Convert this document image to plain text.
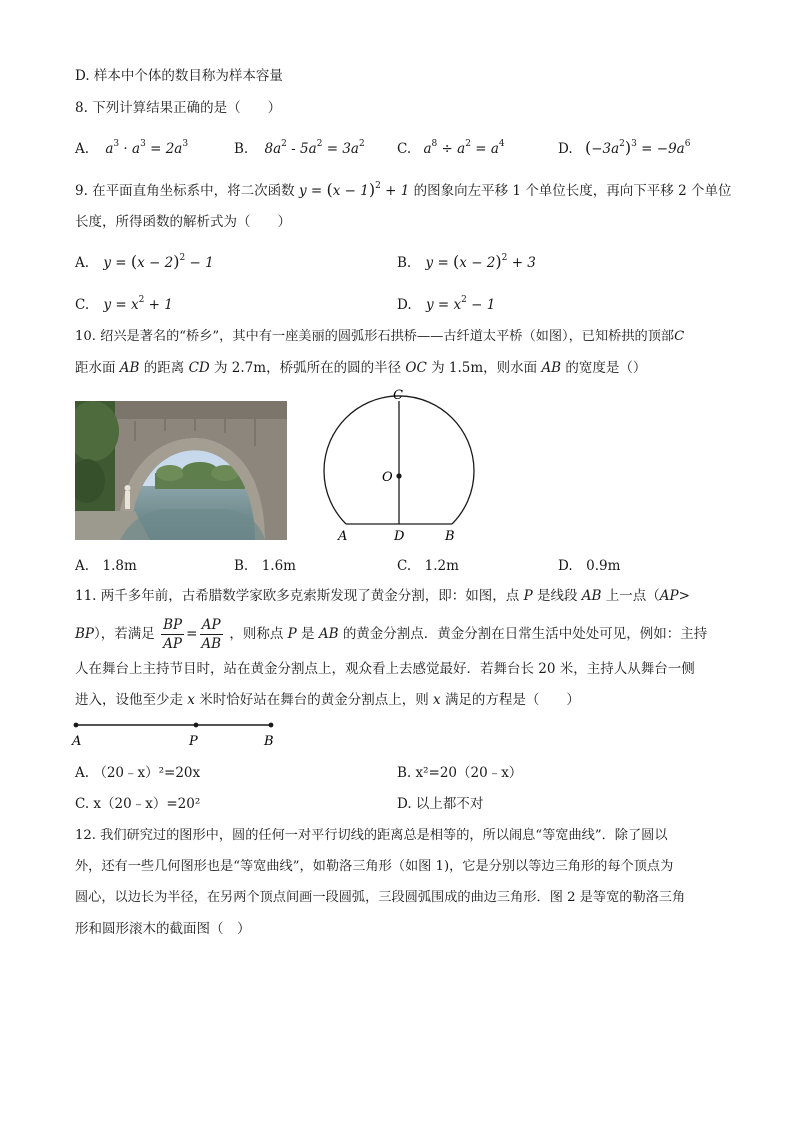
D. 样本中个体的数目称为样本容量
8. 下列计算结果正确的是（　　）
A. $a^3 \cdot a^3 = 2a^3$	B. $8a^2 - 5a^2 = 3a^2$ C. $a^8 \div a^2 = a^4$	D. $(-3a^2)^3 = -9a^6$
9. 在平面直角坐标系中，将二次函数 $y = (x - 1)^2 + 1$ 的图象向左平移 1 个单位长度，再向下平移 2 个单位
长度，所得函数的解析式为（　　）
A. $y = (x - 2)^2 - 1$	B. $y = (x - 2)^2 + 3$
C. $y = x^2 + 1$	D. $y = x^2 - 1$
10. 绍兴是著名的“桥乡”，其中有一座美丽的圆弧形石拱桥——古纤道太平桥（如图），已知桥拱的顶部C
距水面 AB 的距离 CD 为 2.7m，桥弧所在的圆的半径 OC 为 1.5m，则水面 AB 的宽度是（）
C
O
A	D	B
A.　1.8m	B.　1.6m	C.　1.2m	D.　0.9m
11. 两千多年前，古希腊数学家欧多克索斯发现了黄金分割，即：如图，点 P 是线段 AB 上一点（AP>
BP），若满足 $\frac{BP}{AP} = \frac{AP}{AB}$ ，则称点 P 是 AB 的黄金分割点．黄金分割在日常生活中处处可见，例如：主持
人在舞台上主持节目时，站在黄金分割点上，观众看上去感觉最好．若舞台长 20 米，主持人从舞台一侧
进入，设他至少走 x 米时恰好站在舞台的黄金分割点上，则 x 满足的方程是（　　）
A	P	B
A. （20﹣x）²=20x	B. x²=20（20﹣x）
C. x（20﹣x）=20²	D. 以上都不对
12. 我们研究过的图形中，圆的任何一对平行切线的距离总是相等的，所以闹息“等宽曲线”．除了圆以
外，还有一些几何图形也是“等宽曲线”，如勒洛三角形（如图 1)，它是分别以等边三角形的每个顶点为
圆心，以边长为半径，在另两个顶点间画一段圆弧，三段圆弧围成的曲边三角形．图 2 是等宽的勒洛三角
形和圆形滚木的截面图（　）
